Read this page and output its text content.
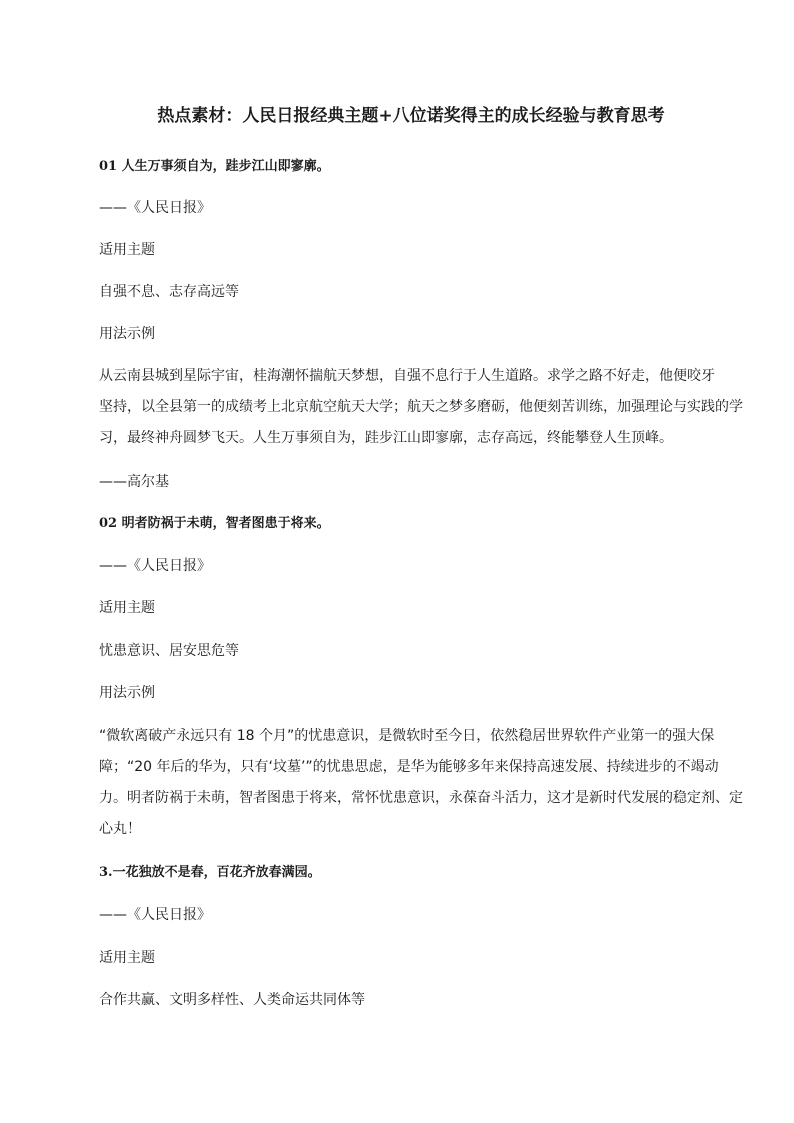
热点素材：人民日报经典主题+八位诺奖得主的成长经验与教育思考

01 人生万事须自为，跬步江山即寥廓。

——《人民日报》

适用主题

自强不息、志存高远等

用法示例

从云南县城到星际宇宙，桂海潮怀揣航天梦想，自强不息行于人生道路。求学之路不好走，他便咬牙
坚持，以全县第一的成绩考上北京航空航天大学；航天之梦多磨砺，他便刻苦训练，加强理论与实践的学
习，最终神舟圆梦飞天。人生万事须自为，跬步江山即寥廓，志存高远，终能攀登人生顶峰。

——高尔基

02 明者防祸于未萌，智者图患于将来。

——《人民日报》

适用主题

忧患意识、居安思危等

用法示例

“微软离破产永远只有 18 个月”的忧患意识，是微软时至今日，依然稳居世界软件产业第一的强大保
障；“20 年后的华为，只有‘坟墓’”的忧患思虑，是华为能够多年来保持高速发展、持续进步的不竭动
力。明者防祸于未萌，智者图患于将来，常怀忧患意识，永葆奋斗活力，这才是新时代发展的稳定剂、定
心丸！

3.一花独放不是春，百花齐放春满园。

——《人民日报》

适用主题

合作共赢、文明多样性、人类命运共同体等
